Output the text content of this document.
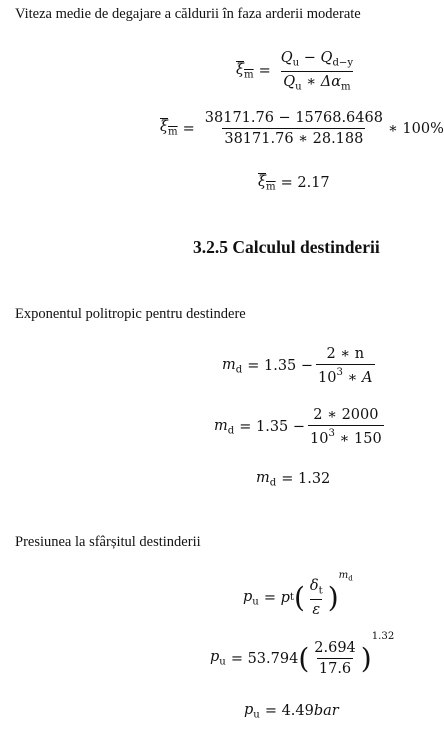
Viteza medie de degajare a căldurii în faza arderii moderate
$\xi_m = \frac{Q_u - Q_{d-y}}{Q_u ∗ \Delta\alpha_m}$
$\xi_m = \frac{38171.76 - 15768.6468}{38171.76 ∗ 28.188}$ ∗ 100%
$\xi_m = 2.17$
3.2.5 Calculul destinderii
Exponentul politropic pentru destindere
$m_d = 1.35 - \frac{2 ∗ n}{10^3 ∗ A}$
$m_d = 1.35 - \frac{2 ∗ 2000}{10^3 ∗ 150}$
$m_d = 1.32$
Presiunea la sfârșitul destinderii
$p_u = p$ t ( $\frac{\delta_t}{\varepsilon}$ )
$m_d$
$p_u = 53.794$ ( $\frac{2.694}{17.6}$ )
1.32
$p_u = 4.49$ bar
